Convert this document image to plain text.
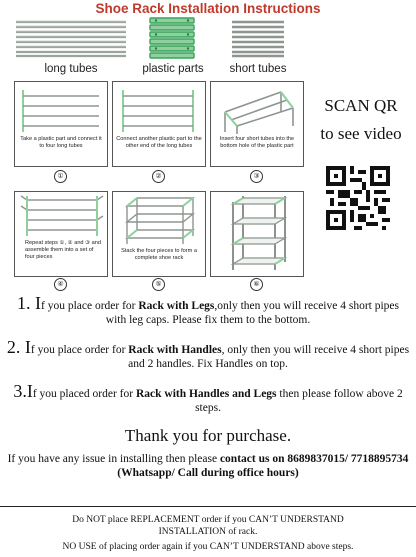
Shoe Rack Installation Instructions
long tubes	plastic parts	short tubes
Take a plastic part and connect it to four long tubes
①
Connect another plastic part to the other end of the long tubes
②
Insert four short tubes into the bottom hole of the plastic part
③
SCAN QR
to see video
Repeat steps ①, ② and ③ and assemble them into a set of four pieces
④
Stack the four pieces to form a complete shoe rack
⑤	⑥
1. If you place order for Rack with Legs,only then you will receive 4 short pipes with leg caps. Please fix them to the bottom.
2. If you place order for Rack with Handles, only then you will receive 4 short pipes and 2 handles. Fix Handles on top.
3.If you placed order for Rack with Handles and Legs then please follow above 2 steps.
Thank you for purchase.
If you have any issue in installing then please contact us on 8689837015/ 7718895734 (Whatsapp/ Call during office hours)
Do NOT place REPLACEMENT order if you CAN’T UNDERSTAND
INSTALLATION of rack.
NO USE of placing order again if you CAN’T UNDERSTAND above steps.
